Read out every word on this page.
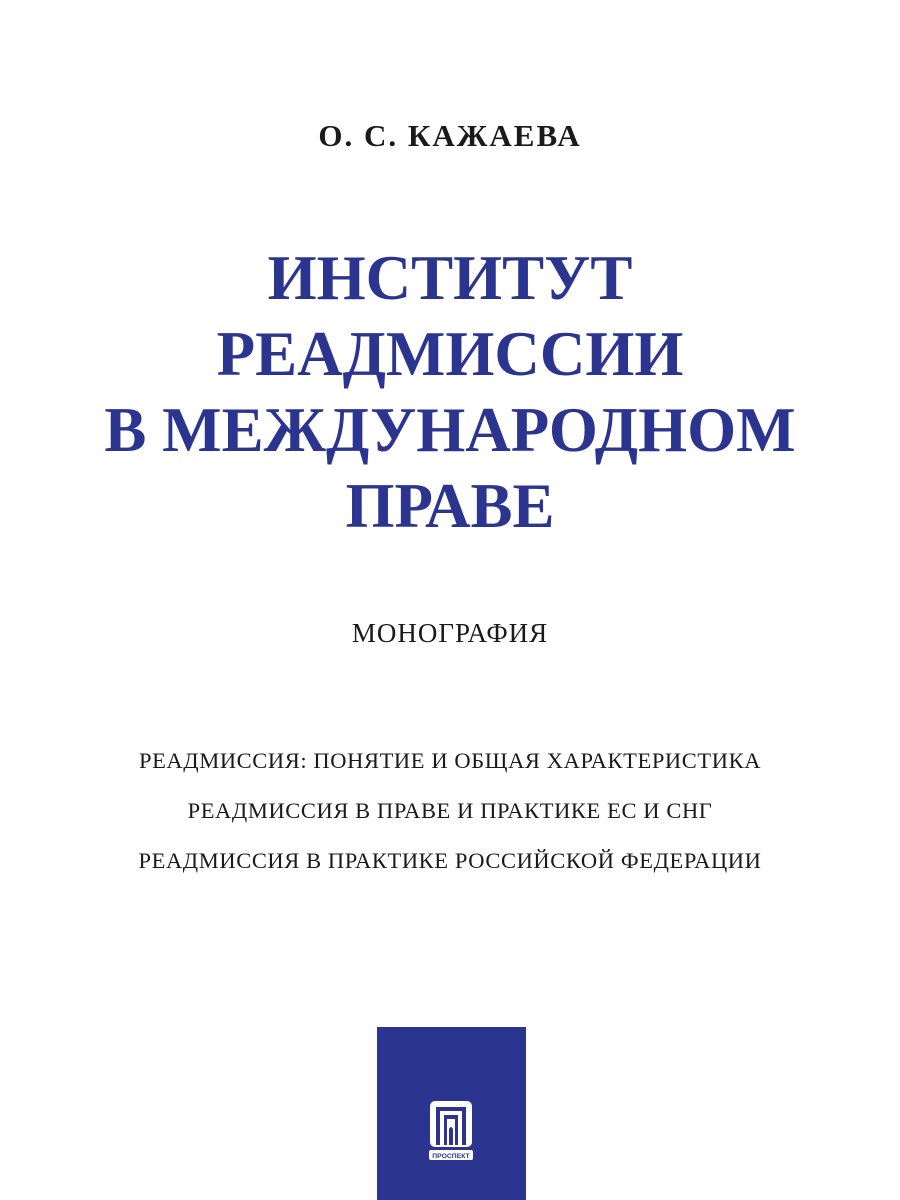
О. С. КАЖАЕВА
ИНСТИТУТ
РЕАДМИССИИ
В МЕЖДУНАРОДНОМ
ПРАВЕ
МОНОГРАФИЯ
РЕАДМИССИЯ: ПОНЯТИЕ И ОБЩАЯ ХАРАКТЕРИСТИКА
РЕАДМИССИЯ В ПРАВЕ И ПРАКТИКЕ ЕС И СНГ
РЕАДМИССИЯ В ПРАКТИКЕ РОССИЙСКОЙ ФЕДЕРАЦИИ
ПРОСПЕКТ
